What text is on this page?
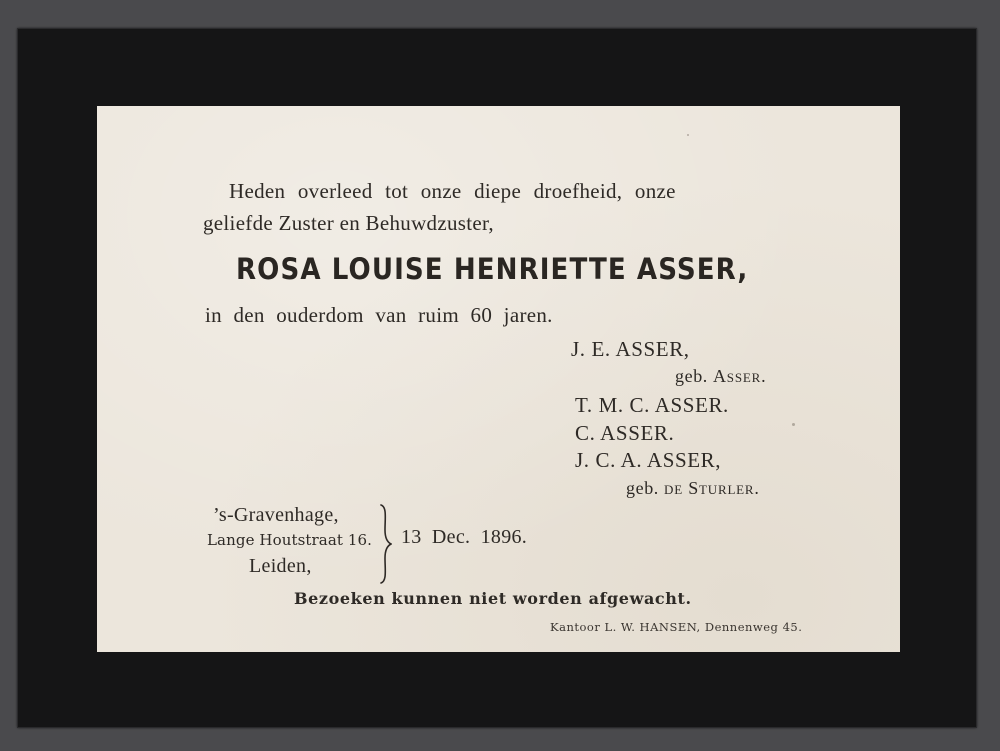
Heden overleed tot onze diepe droefheid, onze
geliefde Zuster en Behuwdzuster,
ROSA LOUISE HENRIETTE ASSER,
in den ouderdom van ruim 60 jaren.
J. E. ASSER,
geb. Asser.
T. M. C. ASSER.
C. ASSER.
J. C. A. ASSER,
geb. de Sturler.
’s-Gravenhage,
Lange Houtstraat 16.
Leiden,
13 Dec. 1896.
Bezoeken kunnen niet worden afgewacht.
Kantoor L. W. HANSEN, Dennenweg 45.
